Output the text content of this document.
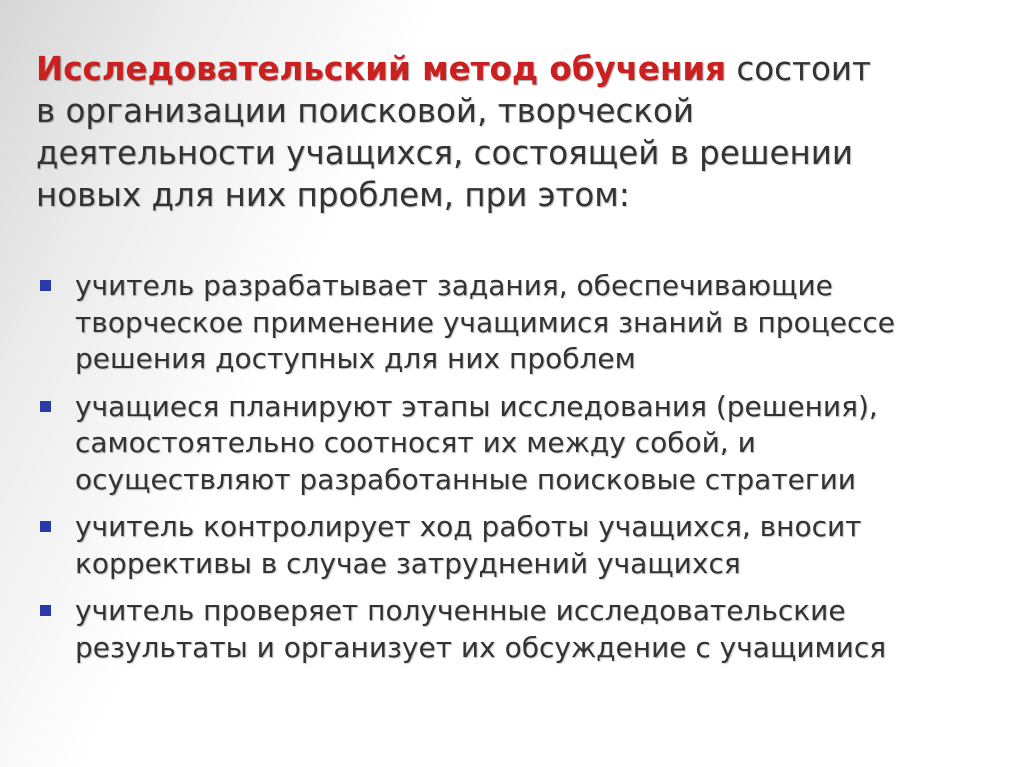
Исследовательский метод обучения состоит
в организации поисковой, творческой
деятельности учащихся, состоящей в решении
новых для них проблем, при этом:

учитель разрабатывает задания, обеспечивающие
творческое применение учащимися знаний в процессе
решения доступных для них проблем
учащиеся планируют этапы исследования (решения),
самостоятельно соотносят их между собой, и
осуществляют разработанные поисковые стратегии
учитель контролирует ход работы учащихся, вносит
коррективы в случае затруднений учащихся
учитель проверяет полученные исследовательские
результаты и организует их обсуждение с учащимися
